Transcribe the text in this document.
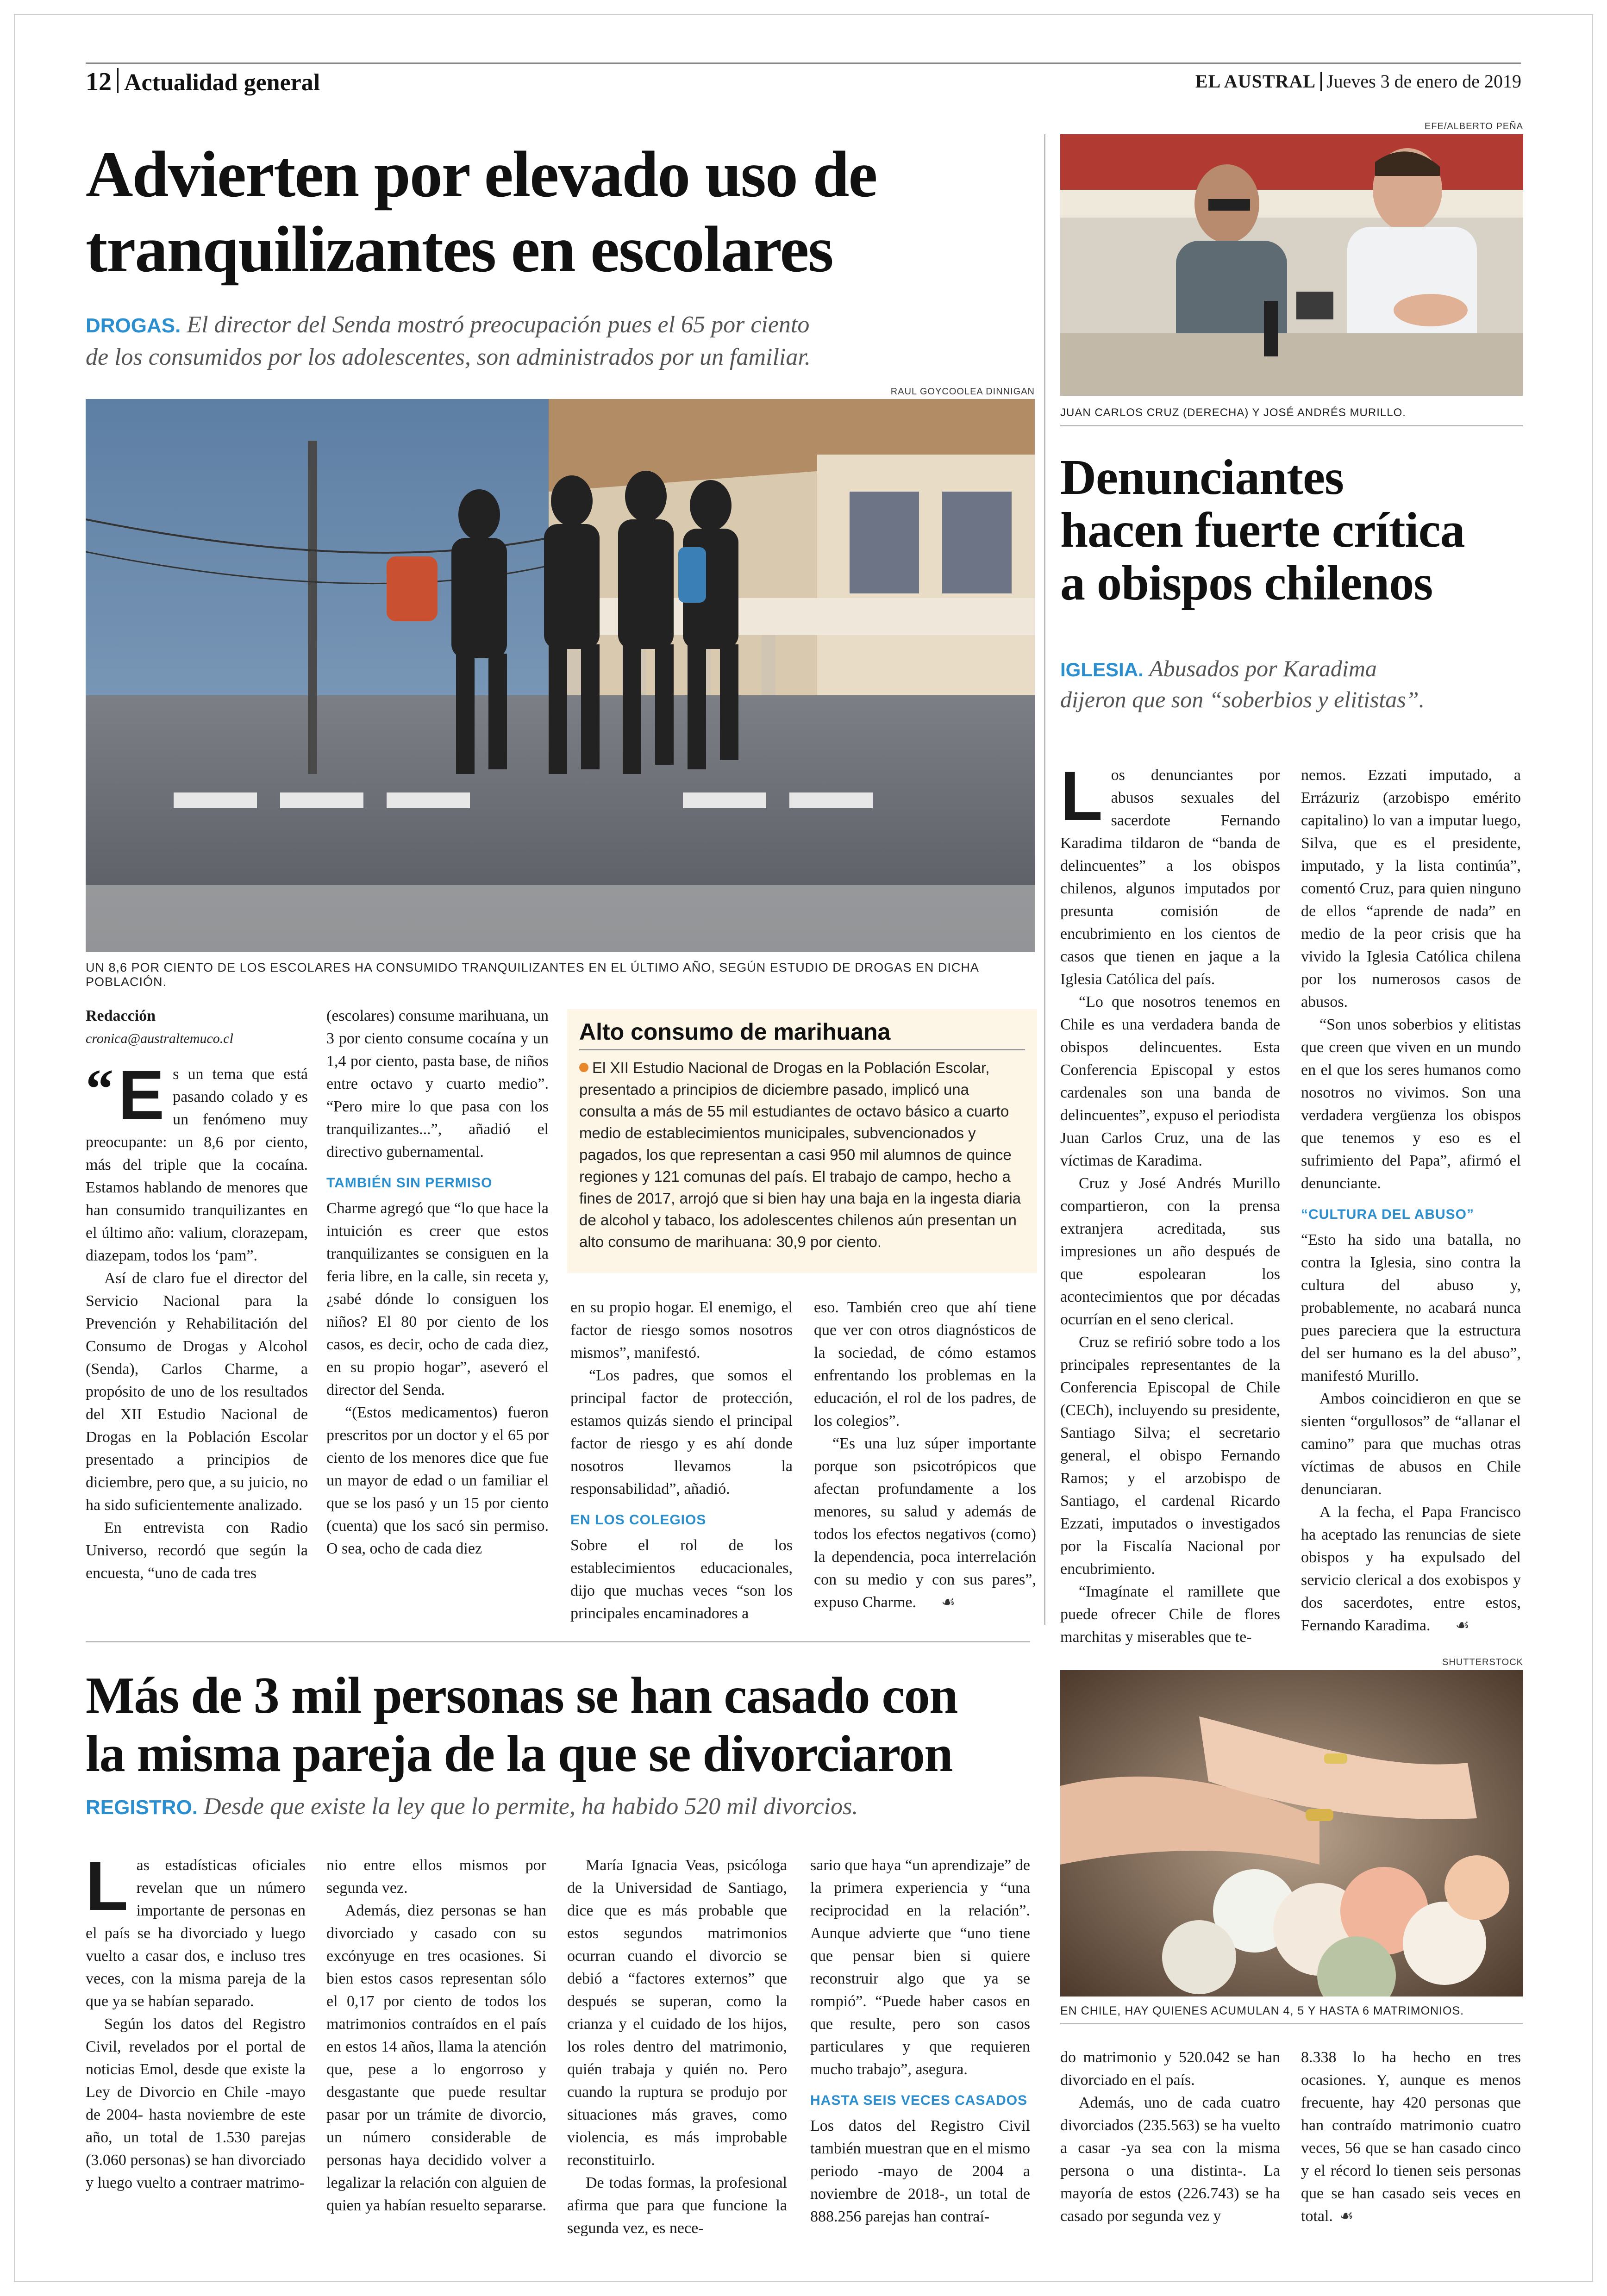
12 Actualidad general	EL AUSTRAL Jueves 3 de enero de 2019
Advierten por elevado uso de
tranquilizantes en escolares
DROGAS. El director del Senda mostró preocupación pues el 65 por ciento
de los consumidos por los adolescentes, son administrados por un familiar.
RAUL GOYCOOLEA DINNIGAN
UN 8,6 POR CIENTO DE LOS ESCOLARES HA CONSUMIDO TRANQUILIZANTES EN EL ÚLTIMO AÑO, SEGÚN ESTUDIO DE DROGAS EN DICHA POBLACIÓN.
Redacción
cronica@australtemuco.cl

“ E s un tema que está pasando colado y es un fenómeno muy preocupante: un 8,6 por ciento, más del triple que la cocaína. Estamos hablando de menores que han consumido tranquilizantes en el último año: valium, clorazepam, diazepam, todos los ‘pam”.

Así de claro fue el director del Servicio Nacional para la Prevención y Rehabilitación del Consumo de Drogas y Alcohol (Senda), Carlos Charme, a propósito de uno de los resultados del XII Estudio Nacional de Drogas en la Población Escolar presentado a principios de diciembre, pero que, a su juicio, no ha sido suficientemente analizado.

En entrevista con Radio Universo, recordó que según la encuesta, “uno de cada tres

(escolares) consume marihuana, un 3 por ciento consume cocaína y un 1,4 por ciento, pasta base, de niños entre octavo y cuarto medio”. “Pero mire lo que pasa con los tranquilizantes...”, añadió el directivo gubernamental.

TAMBIÉN SIN PERMISO

Charme agregó que “lo que hace la intuición es creer que estos tranquilizantes se consiguen en la feria libre, en la calle, sin receta y, ¿sabé dónde lo consiguen los niños? El 80 por ciento de los casos, es decir, ocho de cada diez, en su propio hogar”, aseveró el director del Senda.

“(Estos medicamentos) fueron prescritos por un doctor y el 65 por ciento de los menores dice que fue un mayor de edad o un familiar el que se los pasó y un 15 por ciento (cuenta) que los sacó sin permiso. O sea, ocho de cada diez

Alto consumo de marihuana
El XII Estudio Nacional de Drogas en la Población Escolar, presentado a principios de diciembre pasado, implicó una consulta a más de 55 mil estudiantes de octavo básico a cuarto medio de establecimientos municipales, subvencionados y pagados, los que representan a casi 950 mil alumnos de quince regiones y 121 comunas del país. El trabajo de campo, hecho a fines de 2017, arrojó que si bien hay una baja en la ingesta diaria de alcohol y tabaco, los adolescentes chilenos aún presentan un alto consumo de marihuana: 30,9 por ciento.

en su propio hogar. El enemigo, el factor de riesgo somos nosotros mismos”, manifestó.

“Los padres, que somos el principal factor de protección, estamos quizás siendo el principal factor de riesgo y es ahí donde nosotros llevamos la responsabilidad”, añadió.

EN LOS COLEGIOS

Sobre el rol de los establecimientos educacionales, dijo que muchas veces “son los principales encaminadores a

eso. También creo que ahí tiene que ver con otros diagnósticos de la sociedad, de cómo estamos enfrentando los problemas en la educación, el rol de los padres, de los colegios”.

“Es una luz súper importante porque son psicotrópicos que afectan profundamente a los menores, su salud y además de todos los efectos negativos (como) la dependencia, poca interrelación con su medio y con sus pares”, expuso Charme. ☙

EFE/ALBERTO PEÑA
JUAN CARLOS CRUZ (DERECHA) Y JOSÉ ANDRÉS MURILLO.
Denunciantes
hacen fuerte crítica
a obispos chilenos
IGLESIA. Abusados por Karadima
dijeron que son “soberbios y elitistas”.

Los denunciantes por abusos sexuales del sacerdote Fernando Karadima tildaron de “banda de delincuentes” a los obispos chilenos, algunos imputados por presunta comisión de encubrimiento en los cientos de casos que tienen en jaque a la Iglesia Católica del país.

“Lo que nosotros tenemos en Chile es una verdadera banda de obispos delincuentes. Esta Conferencia Episcopal y estos cardenales son una banda de delincuentes”, expuso el periodista Juan Carlos Cruz, una de las víctimas de Karadima.

Cruz y José Andrés Murillo compartieron, con la prensa extranjera acreditada, sus impresiones un año después de que espolearan los acontecimientos que por décadas ocurrían en el seno clerical.

Cruz se refirió sobre todo a los principales representantes de la Conferencia Episcopal de Chile (CECh), incluyendo su presidente, Santiago Silva; el secretario general, el obispo Fernando Ramos; y el arzobispo de Santiago, el cardenal Ricardo Ezzati, imputados o investigados por la Fiscalía Nacional por encubrimiento.

“Imagínate el ramillete que puede ofrecer Chile de flores marchitas y miserables que te-

nemos. Ezzati imputado, a Errázuriz (arzobispo emérito capitalino) lo van a imputar luego, Silva, que es el presidente, imputado, y la lista continúa”, comentó Cruz, para quien ninguno de ellos “aprende de nada” en medio de la peor crisis que ha vivido la Iglesia Católica chilena por los numerosos casos de abusos.

“Son unos soberbios y elitistas que creen que viven en un mundo en el que los seres humanos como nosotros no vivimos. Son una verdadera vergüenza los obispos que tenemos y eso es el sufrimiento del Papa”, afirmó el denunciante.

“CULTURA DEL ABUSO”

“Esto ha sido una batalla, no contra la Iglesia, sino contra la cultura del abuso y, probablemente, no acabará nunca pues pareciera que la estructura del ser humano es la del abuso”, manifestó Murillo.

Ambos coincidieron en que se sienten “orgullosos” de “allanar el camino” para que muchas otras víctimas de abusos en Chile denunciaran.

A la fecha, el Papa Francisco ha aceptado las renuncias de siete obispos y ha expulsado del servicio clerical a dos exobispos y dos sacerdotes, entre estos, Fernando Karadima. ☙

Más de 3 mil personas se han casado con
la misma pareja de la que se divorciaron
REGISTRO. Desde que existe la ley que lo permite, ha habido 520 mil divorcios.
SHUTTERSTOCK
EN CHILE, HAY QUIENES ACUMULAN 4, 5 Y HASTA 6 MATRIMONIOS.

Las estadísticas oficiales revelan que un número importante de personas en el país se ha divorciado y luego vuelto a casar dos, e incluso tres veces, con la misma pareja de la que ya se habían separado.

Según los datos del Registro Civil, revelados por el portal de noticias Emol, desde que existe la Ley de Divorcio en Chile -mayo de 2004- hasta noviembre de este año, un total de 1.530 parejas (3.060 personas) se han divorciado y luego vuelto a contraer matrimo-

nio entre ellos mismos por segunda vez.

Además, diez personas se han divorciado y casado con su excónyuge en tres ocasiones. Si bien estos casos representan sólo el 0,17 por ciento de todos los matrimonios contraídos en el país en estos 14 años, llama la atención que, pese a lo engorroso y desgastante que puede resultar pasar por un trámite de divorcio, un número considerable de personas haya decidido volver a legalizar la relación con alguien de quien ya habían resuelto separarse.

María Ignacia Veas, psicóloga de la Universidad de Santiago, dice que es más probable que estos segundos matrimonios ocurran cuando el divorcio se debió a “factores externos” que después se superan, como la crianza y el cuidado de los hijos, los roles dentro del matrimonio, quién trabaja y quién no. Pero cuando la ruptura se produjo por situaciones más graves, como violencia, es más improbable reconstituirlo.

De todas formas, la profesional afirma que para que funcione la segunda vez, es nece-

sario que haya “un aprendizaje” de la primera experiencia y “una reciprocidad en la relación”. Aunque advierte que “uno tiene que pensar bien si quiere reconstruir algo que ya se rompió”. “Puede haber casos en que resulte, pero son casos particulares y que requieren mucho trabajo”, asegura.

HASTA SEIS VECES CASADOS

Los datos del Registro Civil también muestran que en el mismo periodo -mayo de 2004 a noviembre de 2018-, un total de 888.256 parejas han contraí-

do matrimonio y 520.042 se han divorciado en el país.

Además, uno de cada cuatro divorciados (235.563) se ha vuelto a casar -ya sea con la misma persona o una distinta-. La mayoría de estos (226.743) se ha casado por segunda vez y

8.338 lo ha hecho en tres ocasiones. Y, aunque es menos frecuente, hay 420 personas que han contraído matrimonio cuatro veces, 56 que se han casado cinco y el récord lo tienen seis personas que se han casado seis veces en total. ☙
